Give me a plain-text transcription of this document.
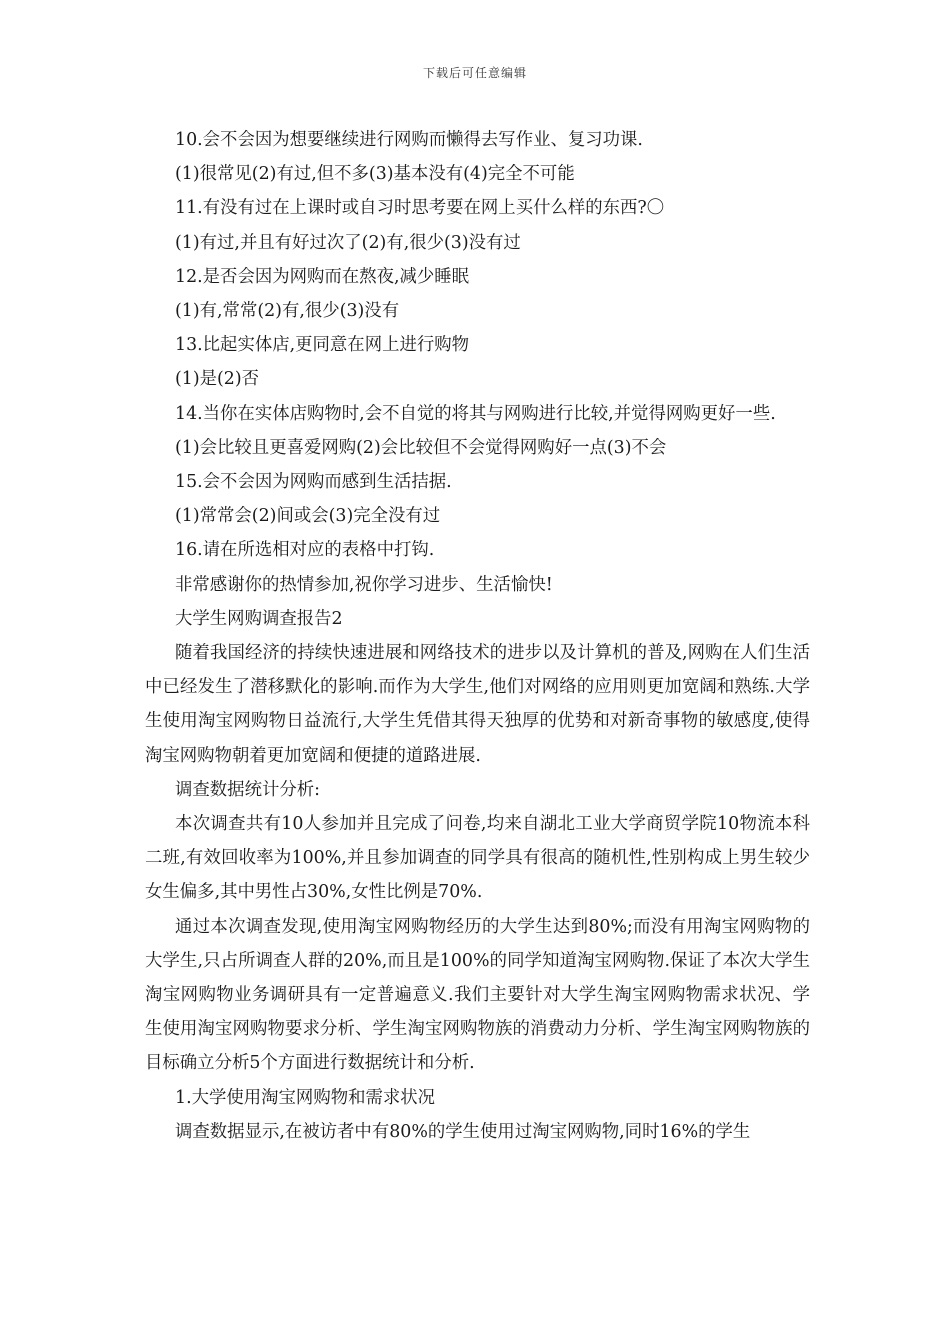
下载后可任意编辑

10.会不会因为想要继续进行网购而懒得去写作业、复习功课.

(1)很常见(2)有过,但不多(3)基本没有(4)完全不可能

11.有没有过在上课时或自习时思考要在网上买什么样的东西?〇

(1)有过,并且有好过次了(2)有,很少(3)没有过

12.是否会因为网购而在熬夜,减少睡眠

(1)有,常常(2)有,很少(3)没有

13.比起实体店,更同意在网上进行购物

(1)是(2)否

14.当你在实体店购物时,会不自觉的将其与网购进行比较,并觉得网购更好一些.

(1)会比较且更喜爱网购(2)会比较但不会觉得网购好一点(3)不会

15.会不会因为网购而感到生活拮据.

(1)常常会(2)间或会(3)完全没有过

16.请在所选相对应的表格中打钩.

非常感谢你的热情参加,祝你学习进步、生活愉快!

大学生网购调查报告2

随着我国经济的持续快速进展和网络技术的进步以及计算机的普及,网购在人们生活中已经发生了潜移默化的影响.而作为大学生,他们对网络的应用则更加宽阔和熟练.大学生使用淘宝网购物日益流行,大学生凭借其得天独厚的优势和对新奇事物的敏感度,使得淘宝网购物朝着更加宽阔和便捷的道路进展.

调查数据统计分析:

本次调查共有10人参加并且完成了问卷,均来自湖北工业大学商贸学院10物流本科二班,有效回收率为100%,并且参加调查的同学具有很高的随机性,性别构成上男生较少女生偏多,其中男性占30%,女性比例是70%.

通过本次调查发现,使用淘宝网购物经历的大学生达到80%;而没有用淘宝网购物的大学生,只占所调查人群的20%,而且是100%的同学知道淘宝网购物.保证了本次大学生淘宝网购物业务调研具有一定普遍意义.我们主要针对大学生淘宝网购物需求状况、学生使用淘宝网购物要求分析、学生淘宝网购物族的消费动力分析、学生淘宝网购物族的目标确立分析5个方面进行数据统计和分析.

1.大学使用淘宝网购物和需求状况

调查数据显示,在被访者中有80%的学生使用过淘宝网购物,同时16%的学生
